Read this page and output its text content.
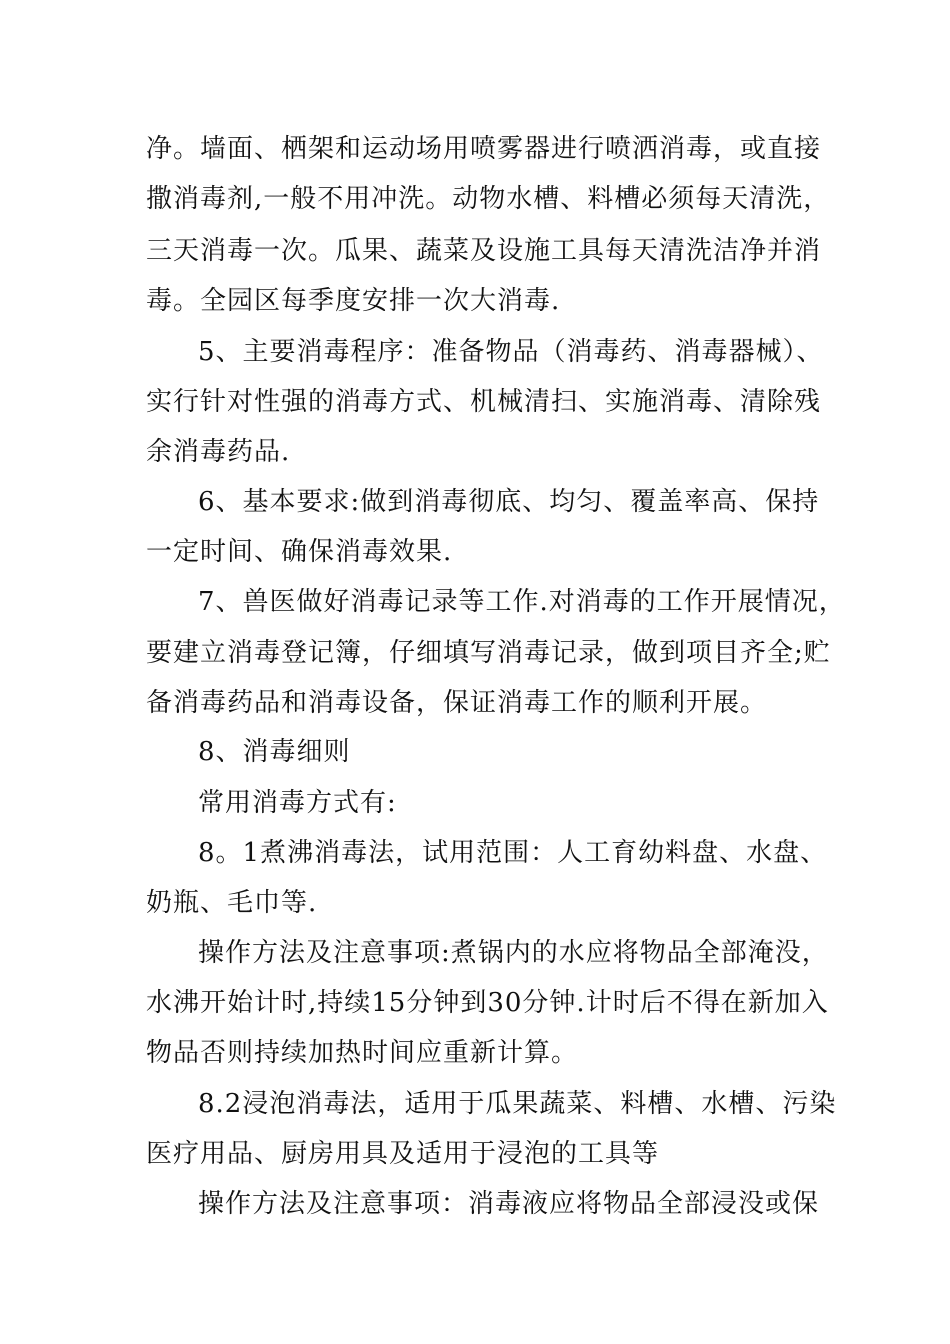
净。墙面、栖架和运动场用喷雾器进行喷洒消毒，或直接
撒消毒剂,一般不用冲洗。动物水槽、料槽必须每天清洗，
三天消毒一次。瓜果、蔬菜及设施工具每天清洗洁净并消
毒。全园区每季度安排一次大消毒.
5、主要消毒程序：准备物品（消毒药、消毒器械）、
实行针对性强的消毒方式、机械清扫、实施消毒、清除残
余消毒药品.
6、基本要求:做到消毒彻底、均匀、覆盖率高、保持
一定时间、确保消毒效果.
7、兽医做好消毒记录等工作.对消毒的工作开展情况，
要建立消毒登记簿，仔细填写消毒记录，做到项目齐全;贮
备消毒药品和消毒设备，保证消毒工作的顺利开展。
8、消毒细则
常用消毒方式有:
8。1煮沸消毒法，试用范围：人工育幼料盘、水盘、
奶瓶、毛巾等.
操作方法及注意事项:煮锅内的水应将物品全部淹没，
水沸开始计时,持续15分钟到30分钟.计时后不得在新加入
物品否则持续加热时间应重新计算。
8.2浸泡消毒法，适用于瓜果蔬菜、料槽、水槽、污染
医疗用品、厨房用具及适用于浸泡的工具等
操作方法及注意事项：消毒液应将物品全部浸没或保
